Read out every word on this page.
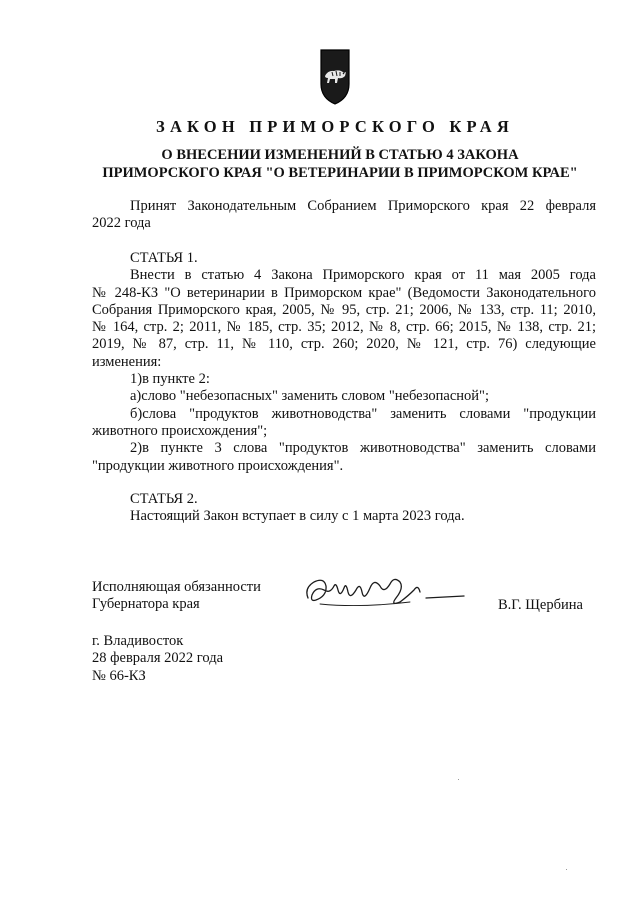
ЗАКОН ПРИМОРСКОГО КРАЯ
О ВНЕСЕНИИ ИЗМЕНЕНИЙ В СТАТЬЮ 4 ЗАКОНА
ПРИМОРСКОГО КРАЯ "О ВЕТЕРИНАРИИ В ПРИМОРСКОМ КРАЕ"
Принят Законодательным Собранием Приморского края 22 февраля
2022 года
СТАТЬЯ 1.
Внести в статью 4 Закона Приморского края от 11 мая 2005 года
№ 248-КЗ "О ветеринарии в Приморском крае" (Ведомости Законодательного
Собрания Приморского края, 2005, № 95, стр. 21; 2006, № 133, стр. 11; 2010,
№ 164, стр. 2; 2011, № 185, стр. 35; 2012, № 8, стр. 66; 2015, № 138, стр. 21;
2019, № 87, стр. 11, № 110, стр. 260; 2020, № 121, стр. 76) следующие
изменения:
1)в пункте 2:
а)слово "небезопасных" заменить словом "небезопасной";
б)слова "продуктов животноводства" заменить словами "продукции
животного происхождения";
2)в пункте 3 слова "продуктов животноводства" заменить словами
"продукции животного происхождения".
СТАТЬЯ 2.
Настоящий Закон вступает в силу с 1 марта 2023 года.
Исполняющая обязанности
Губернатора края	В.Г. Щербина
г. Владивосток
28 февраля 2022 года
№ 66-КЗ
